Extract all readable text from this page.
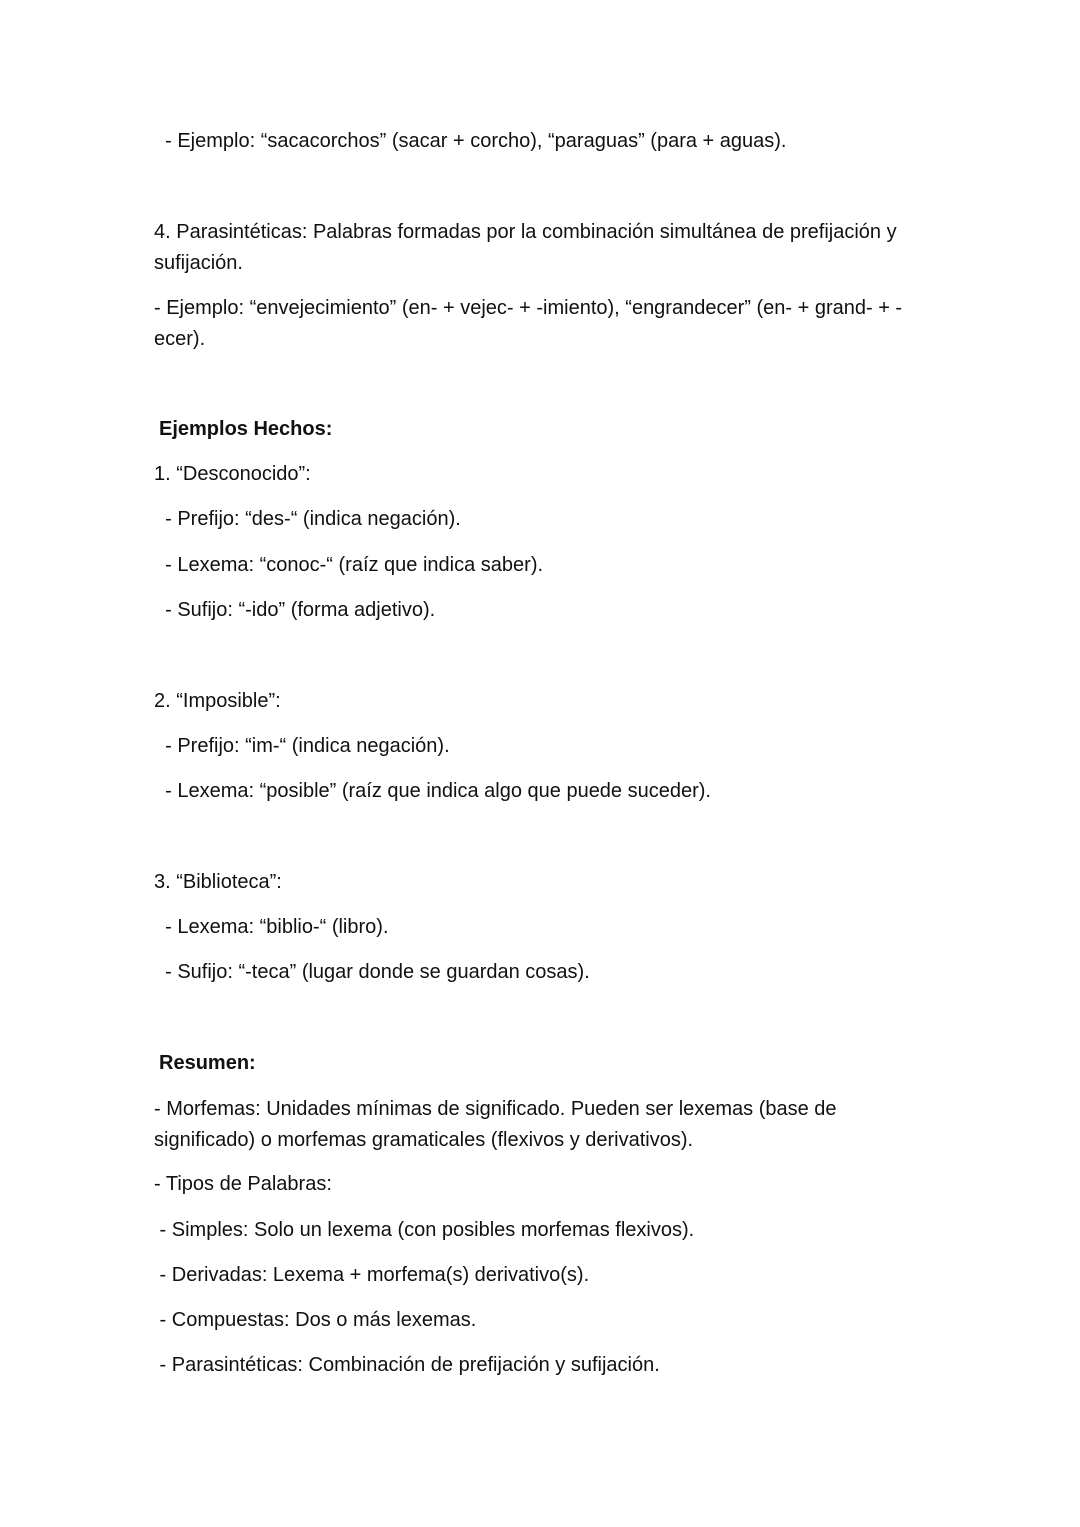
- Ejemplo: “sacacorchos” (sacar + corcho), “paraguas” (para + aguas).

4. Parasintéticas: Palabras formadas por la combinación simultánea de prefijación y sufijación.

- Ejemplo: “envejecimiento” (en- + vejec- + -imiento), “engrandecer” (en- + grand- + -ecer).

Ejemplos Hechos:

1. “Desconocido”:

- Prefijo: “des-“ (indica negación).

- Lexema: “conoc-“ (raíz que indica saber).

- Sufijo: “-ido” (forma adjetivo).

2. “Imposible”:

- Prefijo: “im-“ (indica negación).

- Lexema: “posible” (raíz que indica algo que puede suceder).

3. “Biblioteca”:

- Lexema: “biblio-“ (libro).

- Sufijo: “-teca” (lugar donde se guardan cosas).

Resumen:

- Morfemas: Unidades mínimas de significado. Pueden ser lexemas (base de significado) o morfemas gramaticales (flexivos y derivativos).

- Tipos de Palabras:

- Simples: Solo un lexema (con posibles morfemas flexivos).

- Derivadas: Lexema + morfema(s) derivativo(s).

- Compuestas: Dos o más lexemas.

- Parasintéticas: Combinación de prefijación y sufijación.
